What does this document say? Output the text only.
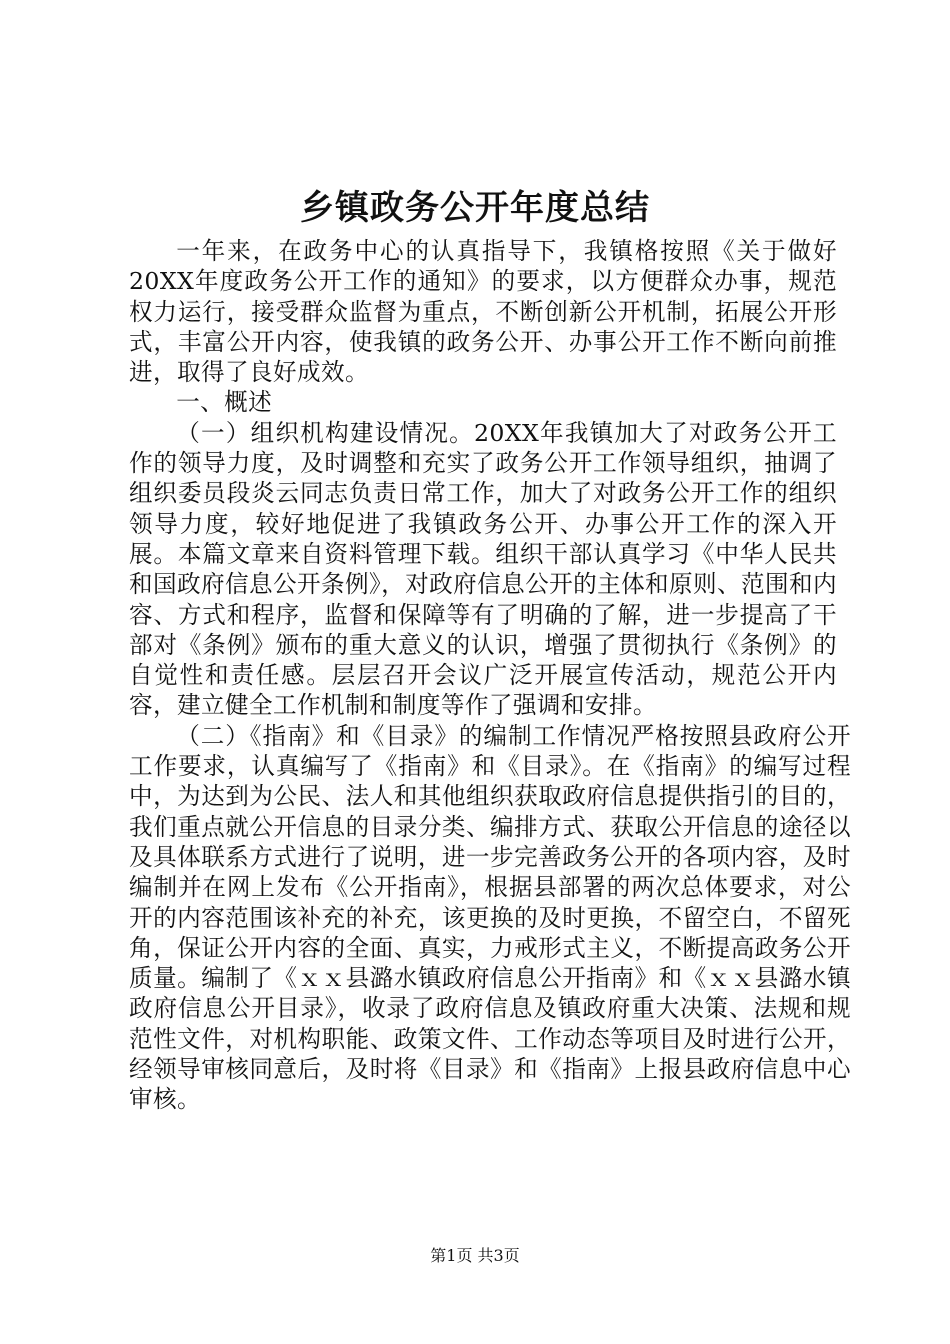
乡镇政务公开年度总结

一年来，在政务中心的认真指导下，我镇格按照《关于做好20XX年度政务公开工作的通知》的要求，以方便群众办事，规范权力运行，接受群众监督为重点，不断创新公开机制，拓展公开形式，丰富公开内容，使我镇的政务公开、办事公开工作不断向前推进，取得了良好成效。

一、概述

（一）组织机构建设情况。20XX年我镇加大了对政务公开工作的领导力度，及时调整和充实了政务公开工作领导组织，抽调了组织委员段炎云同志负责日常工作，加大了对政务公开工作的组织领导力度，较好地促进了我镇政务公开、办事公开工作的深入开展。本篇文章来自资料管理下载。组织干部认真学习《中华人民共和国政府信息公开条例》，对政府信息公开的主体和原则、范围和内容、方式和程序，监督和保障等有了明确的了解，进一步提高了干部对《条例》颁布的重大意义的认识，增强了贯彻执行《条例》的自觉性和责任感。层层召开会议广泛开展宣传活动，规范公开内容，建立健全工作机制和制度等作了强调和安排。

（二）《指南》和《目录》的编制工作情况严格按照县政府公开工作要求，认真编写了《指南》和《目录》。在《指南》的编写过程中，为达到为公民、法人和其他组织获取政府信息提供指引的目的，我们重点就公开信息的目录分类、编排方式、获取公开信息的途径以及具体联系方式进行了说明，进一步完善政务公开的各项内容，及时编制并在网上发布《公开指南》，根据县部署的两次总体要求，对公开的内容范围该补充的补充，该更换的及时更换，不留空白，不留死角，保证公开内容的全面、真实，力戒形式主义，不断提高政务公开质量。编制了《ｘｘ县潞水镇政府信息公开指南》和《ｘｘ县潞水镇政府信息公开目录》，收录了政府信息及镇政府重大决策、法规和规范性文件，对机构职能、政策文件、工作动态等项目及时进行公开，经领导审核同意后，及时将《目录》和《指南》上报县政府信息中心审核。

第1页 共3页
